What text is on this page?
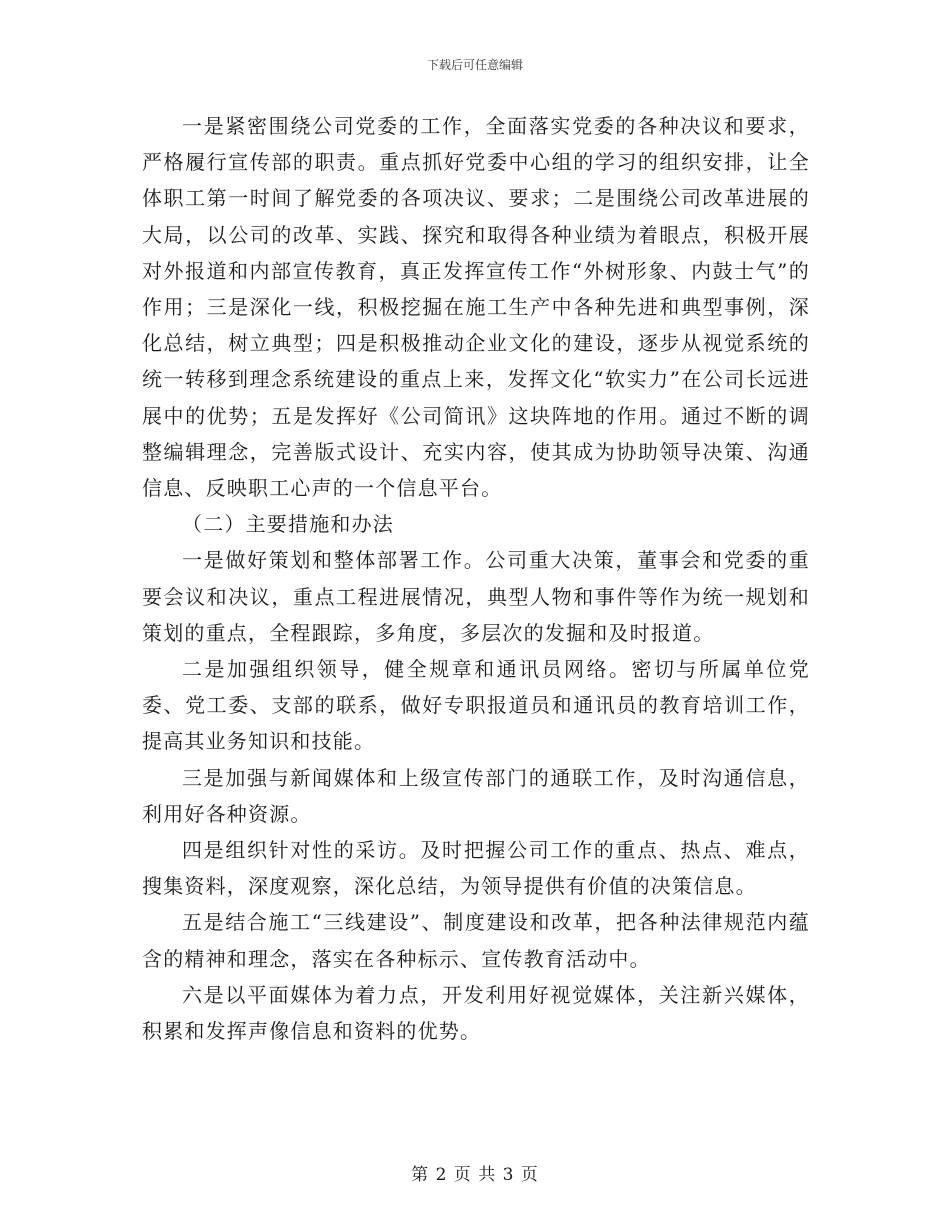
下载后可任意编辑

一是紧密围绕公司党委的工作，全面落实党委的各种决议和要求，严格履行宣传部的职责。重点抓好党委中心组的学习的组织安排，让全体职工第一时间了解党委的各项决议、要求；二是围绕公司改革进展的大局，以公司的改革、实践、探究和取得各种业绩为着眼点，积极开展对外报道和内部宣传教育，真正发挥宣传工作“外树形象、内鼓士气”的作用；三是深化一线，积极挖掘在施工生产中各种先进和典型事例，深化总结，树立典型；四是积极推动企业文化的建设，逐步从视觉系统的统一转移到理念系统建设的重点上来，发挥文化“软实力”在公司长远进展中的优势；五是发挥好《公司简讯》这块阵地的作用。通过不断的调整编辑理念，完善版式设计、充实内容，使其成为协助领导决策、沟通信息、反映职工心声的一个信息平台。

（二）主要措施和办法

一是做好策划和整体部署工作。公司重大决策，董事会和党委的重要会议和决议，重点工程进展情况，典型人物和事件等作为统一规划和策划的重点，全程跟踪，多角度，多层次的发掘和及时报道。

二是加强组织领导，健全规章和通讯员网络。密切与所属单位党委、党工委、支部的联系，做好专职报道员和通讯员的教育培训工作，提高其业务知识和技能。

三是加强与新闻媒体和上级宣传部门的通联工作，及时沟通信息，利用好各种资源。

四是组织针对性的采访。及时把握公司工作的重点、热点、难点，搜集资料，深度观察，深化总结，为领导提供有价值的决策信息。

五是结合施工“三线建设”、制度建设和改革，把各种法律规范内蕴含的精神和理念，落实在各种标示、宣传教育活动中。

六是以平面媒体为着力点，开发利用好视觉媒体，关注新兴媒体，积累和发挥声像信息和资料的优势。

第 2 页 共 3 页
